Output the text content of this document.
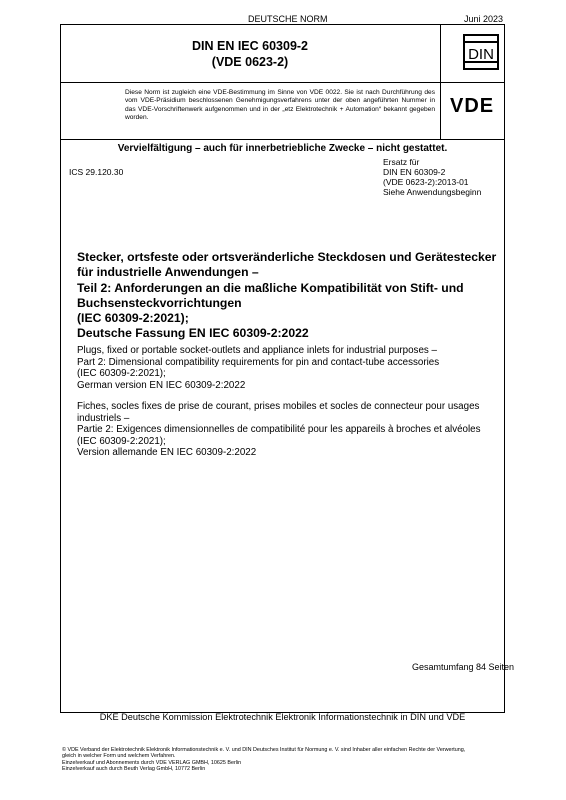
DEUTSCHE NORM	Juni 2023
DIN EN IEC 60309-2
(VDE 0623-2)	DIN
Diese Norm ist zugleich eine VDE-Bestimmung im Sinne von VDE 0022. Sie ist nach Durchführung des vom VDE-Präsidium beschlossenen Genehmigungsverfahrens unter der oben angeführten Nummer in das VDE-Vorschriftenwerk aufgenommen und in der „etz Elektrotechnik + Automation“ bekannt gegeben worden.
VDE
Vervielfältigung – auch für innerbetriebliche Zwecke – nicht gestattet.
ICS 29.120.30
Ersatz für
DIN EN 60309-2
(VDE 0623-2):2013-01
Siehe Anwendungsbeginn
Stecker, ortsfeste oder ortsveränderliche Steckdosen und Gerätestecker
für industrielle Anwendungen –
Teil 2: Anforderungen an die maßliche Kompatibilität von Stift- und
Buchsensteckvorrichtungen
(IEC 60309-2:2021);
Deutsche Fassung EN IEC 60309-2:2022
Plugs, fixed or portable socket-outlets and appliance inlets for industrial purposes –
Part 2: Dimensional compatibility requirements for pin and contact-tube accessories
(IEC 60309-2:2021);
German version EN IEC 60309-2:2022
Fiches, socles fixes de prise de courant, prises mobiles et socles de connecteur pour usages
industriels –
Partie 2: Exigences dimensionnelles de compatibilité pour les appareils à broches et alvéoles
(IEC 60309-2:2021);
Version allemande EN IEC 60309-2:2022
Gesamtumfang 84 Seiten
DKE Deutsche Kommission Elektrotechnik Elektronik Informationstechnik in DIN und VDE
© VDE Verband der Elektrotechnik Elektronik Informationstechnik e. V. und DIN Deutsches Institut für Normung e. V. sind Inhaber aller einfachen Rechte der Verwertung,
gleich in welcher Form und welchem Verfahren.
Einzelverkauf und Abonnements durch VDE VERLAG GMBH, 10625 Berlin
Einzelverkauf auch durch Beuth Verlag GmbH, 10772 Berlin
